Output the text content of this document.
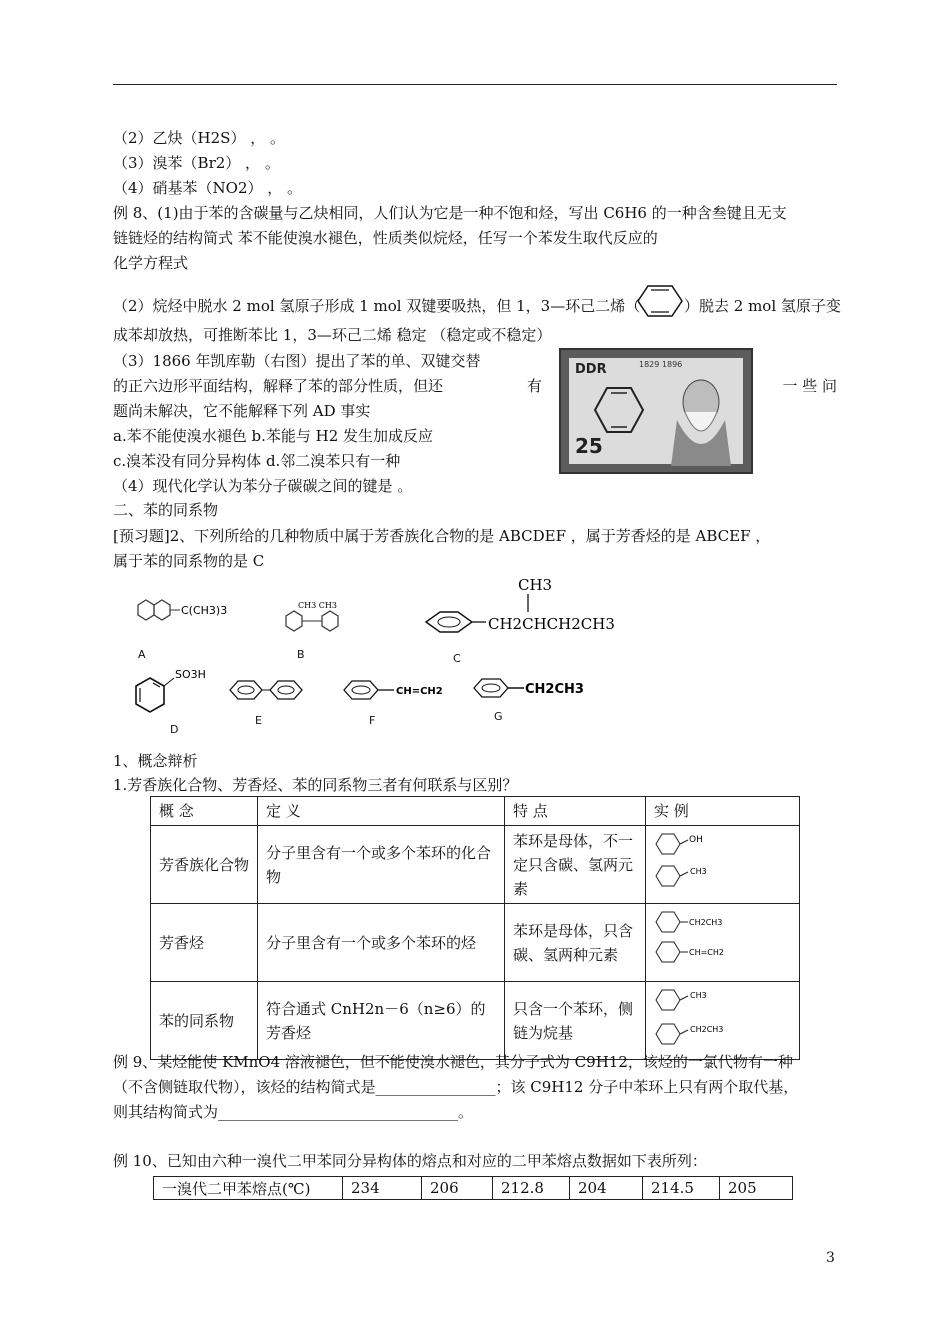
（2）乙炔（H2S） ， 。
（3）溴苯（Br2） ， 。
（4）硝基苯（NO2） ， 。
例 8、(1)由于苯的含碳量与乙炔相同，人们认为它是一种不饱和烃，写出 C6H6 的一种含叁键且无支
链链烃的结构简式 苯不能使溴水褪色，性质类似烷烃，任写一个苯发生取代反应的
化学方程式
（2）烷烃中脱水 2 mol 氢原子形成 1 mol 双键要吸热，但 1，3—环己二烯（	）脱去 2 mol 氢原子变
成苯却放热，可推断苯比 1，3—环己二烯 稳定 （稳定或不稳定）
（3）1866 年凯库勒（右图）提出了苯的单、双键交替
的正六边形平面结构，解释了苯的部分性质，但还	有	一 些 问
题尚未解决，它不能解释下列 AD 事实
a.苯不能使溴水褪色 b.苯能与 H2 发生加成反应
c.溴苯没有同分异构体 d.邻二溴苯只有一种
（4）现代化学认为苯分子碳碳之间的键是 。
DDR	1829 1896
25
二、苯的同系物
[预习题]2、下列所给的几种物质中属于芳香族化合物的是 ABCDEF ，属于芳香烃的是 ABCEF ，
属于苯的同系物的是 C
C(CH3)3
A
CH3 CH3
B
CH3
CH2CHCH2CH3
C
SO3H
D
E
CH=CH2
F
CH2CH3
G
1、概念辩析
1.芳香族化合物、芳香烃、苯的同系物三者有何联系与区别？
概 念	定 义	特 点	实 例
芳香族化合物	分子里含有一个或多个苯环的化合物	苯环是母体，不一定只含碳、氢两元素	OH
CH3

芳香烃	分子里含有一个或多个苯环的烃	苯环是母体，只含碳、氢两种元素	CH2CH3
CH=CH2

苯的同系物	符合通式 CnH2n－6（n≥6）的芳香烃	只含一个苯环，侧链为烷基	CH3
CH2CH3
例 9、某烃能使 KMnO4 溶液褪色，但不能使溴水褪色，其分子式为 C9H12，该烃的一氯代物有一种
（不含侧链取代物），该烃的结构简式是________________；该 C9H12 分子中苯环上只有两个取代基，
则其结构简式为________________________________。
例 10、已知由六种一溴代二甲苯同分异构体的熔点和对应的二甲苯熔点数据如下表所列：
一溴代二甲苯熔点(℃)	234	206	212.8	204	214.5	205
3
